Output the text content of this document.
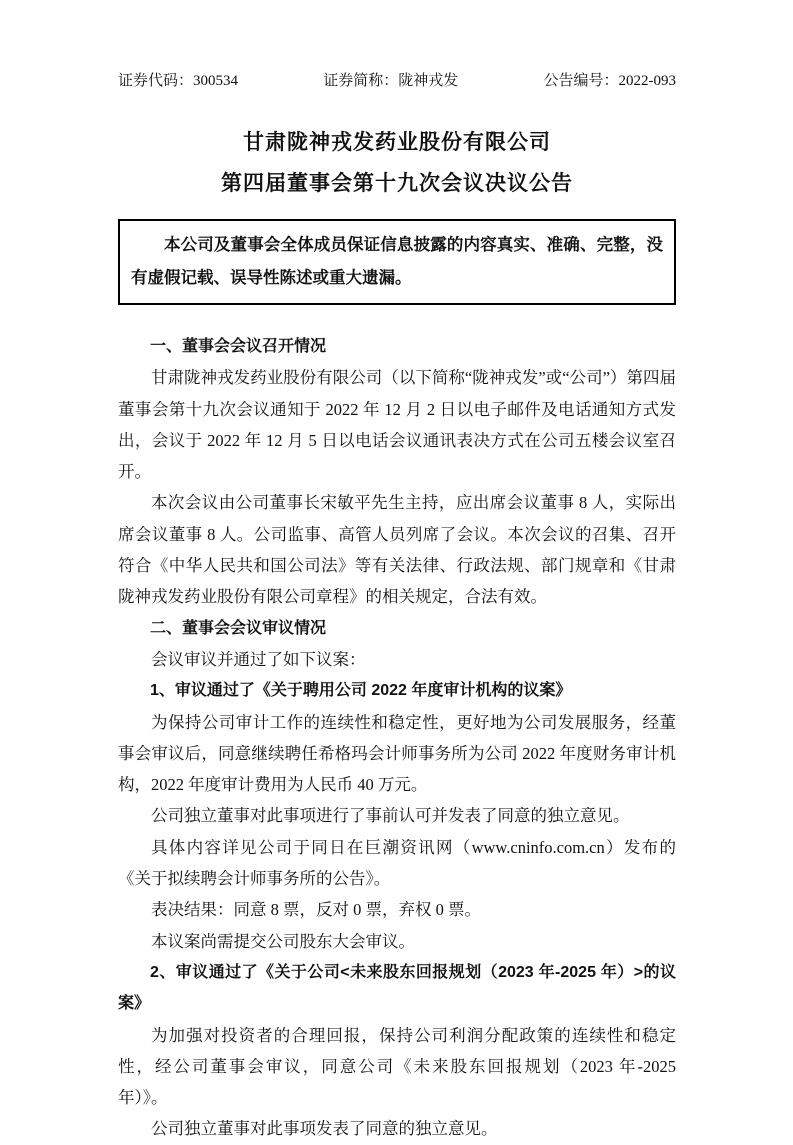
证券代码：300534	证券简称：陇神戎发	公告编号：2022-093
甘肃陇神戎发药业股份有限公司
第四届董事会第十九次会议决议公告

本公司及董事会全体成员保证信息披露的内容真实、准确、完整，没有虚假记载、误导性陈述或重大遗漏。

一、董事会会议召开情况

甘肃陇神戎发药业股份有限公司（以下简称“陇神戎发”或“公司”）第四届董事会第十九次会议通知于 2022 年 12 月 2 日以电子邮件及电话通知方式发出，会议于 2022 年 12 月 5 日以电话会议通讯表决方式在公司五楼会议室召开。

本次会议由公司董事长宋敏平先生主持，应出席会议董事 8 人，实际出席会议董事 8 人。公司监事、高管人员列席了会议。本次会议的召集、召开符合《中华人民共和国公司法》等有关法律、行政法规、部门规章和《甘肃陇神戎发药业股份有限公司章程》的相关规定，合法有效。

二、董事会会议审议情况

会议审议并通过了如下议案：

1、审议通过了《关于聘用公司 2022 年度审计机构的议案》

为保持公司审计工作的连续性和稳定性，更好地为公司发展服务，经董事会审议后，同意继续聘任希格玛会计师事务所为公司 2022 年度财务审计机构，2022 年度审计费用为人民币 40 万元。

公司独立董事对此事项进行了事前认可并发表了同意的独立意见。

具体内容详见公司于同日在巨潮资讯网（www.cninfo.com.cn）发布的《关于拟续聘会计师事务所的公告》。

表决结果：同意 8 票，反对 0 票，弃权 0 票。

本议案尚需提交公司股东大会审议。

2、审议通过了《关于公司<未来股东回报规划（2023 年-2025 年）>的议案》

为加强对投资者的合理回报，保持公司利润分配政策的连续性和稳定性，经公司董事会审议，同意公司《未来股东回报规划（2023 年-2025 年）》。

公司独立董事对此事项发表了同意的独立意见。
